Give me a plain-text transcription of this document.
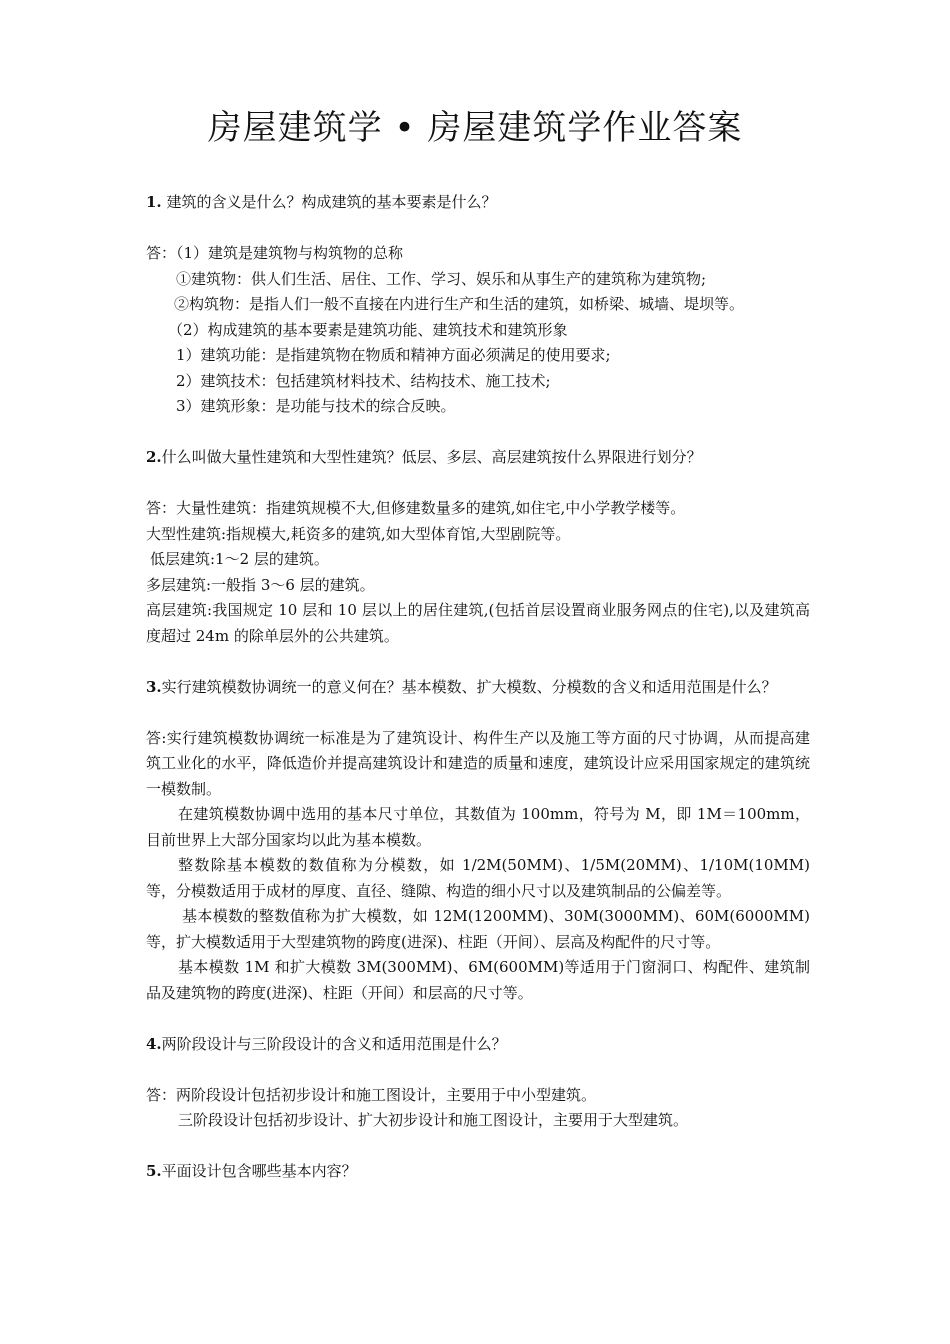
房屋建筑学 • 房屋建筑学作业答案

1. 建筑的含义是什么？构成建筑的基本要素是什么？

答：（1）建筑是建筑物与构筑物的总称

①建筑物：供人们生活、居住、工作、学习、娱乐和从事生产的建筑称为建筑物;

②构筑物：是指人们一般不直接在内进行生产和生活的建筑，如桥梁、城墙、堤坝等。

（2）构成建筑的基本要素是建筑功能、建筑技术和建筑形象

1）建筑功能：是指建筑物在物质和精神方面必须满足的使用要求;

2）建筑技术：包括建筑材料技术、结构技术、施工技术;

3）建筑形象：是功能与技术的综合反映。

2.什么叫做大量性建筑和大型性建筑？低层、多层、高层建筑按什么界限进行划分？

答：大量性建筑：指建筑规模不大,但修建数量多的建筑,如住宅,中小学教学楼等。

大型性建筑:指规模大,耗资多的建筑,如大型体育馆,大型剧院等。

低层建筑:1～2 层的建筑。

多层建筑:一般指 3～6 层的建筑。

高层建筑:我国规定 10 层和 10 层以上的居住建筑,(包括首层设置商业服务网点的住宅),以及建筑高度超过 24m 的除单层外的公共建筑。

3.实行建筑模数协调统一的意义何在？基本模数、扩大模数、分模数的含义和适用范围是什么？

答:实行建筑模数协调统一标准是为了建筑设计、构件生产以及施工等方面的尺寸协调，从而提高建筑工业化的水平，降低造价并提高建筑设计和建造的质量和速度，建筑设计应采用国家规定的建筑统一模数制。

在建筑模数协调中选用的基本尺寸单位，其数值为 100mm，符号为 M，即 1M＝100mm，目前世界上大部分国家均以此为基本模数。

整数除基本模数的数值称为分模数，如 1/2M(50MM)、1/5M(20MM)、1/10M(10MM)等，分模数适用于成材的厚度、直径、缝隙、构造的细小尺寸以及建筑制品的公偏差等。

基本模数的整数值称为扩大模数，如 12M(1200MM)、30M(3000MM)、60M(6000MM)等，扩大模数适用于大型建筑物的跨度(进深)、柱距（开间）、层高及构配件的尺寸等。

基本模数 1M 和扩大模数 3M(300MM)、6M(600MM)等适用于门窗洞口、构配件、建筑制品及建筑物的跨度(进深)、柱距（开间）和层高的尺寸等。

4.两阶段设计与三阶段设计的含义和适用范围是什么？

答：两阶段设计包括初步设计和施工图设计，主要用于中小型建筑。

三阶段设计包括初步设计、扩大初步设计和施工图设计，主要用于大型建筑。

5.平面设计包含哪些基本内容？
